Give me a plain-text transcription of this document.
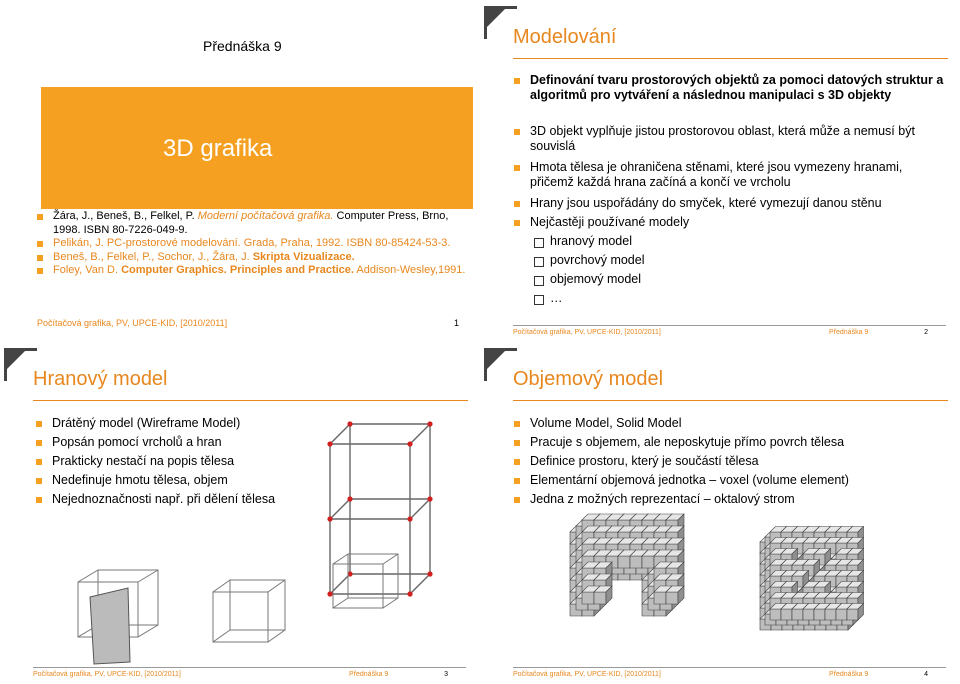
Přednáška 9
3D grafika
Žára, J., Beneš, B., Felkel, P. Moderní počítačová grafika. Computer Press, Brno, 1998. ISBN 80-7226-049-9.
Pelikán, J. PC-prostorové modelování. Grada, Praha, 1992. ISBN 80-85424-53-3.
Beneš, B., Felkel, P., Sochor, J., Žára, J. Skripta Vizualizace.
Foley, Van D. Computer Graphics. Principles and Practice. Addison-Wesley,1991.
Počítačová grafika, PV, UPCE-KID, [2010/2011]	1
Modelování
Definování tvaru prostorových objektů za pomoci datových struktur a algoritmů pro vytváření a následnou manipulaci s 3D objekty
3D objekt vyplňuje jistou prostorovou oblast, která může a nemusí být souvislá
Hmota tělesa je ohraničena stěnami, které jsou vymezeny hranami, přičemž každá hrana začíná a končí ve vrcholu
Hrany jsou uspořádány do smyček, které vymezují danou stěnu
Nejčastěji používané modely
hranový model
povrchový model
objemový model
…
Počítačová grafika, PV, UPCE-KID, [2010/2011]	Přednáška 9	2
Hranový model
Drátěný model (Wireframe Model)
Popsán pomocí vrcholů a hran
Prakticky nestačí na popis tělesa
Nedefinuje hmotu tělesa, objem
Nejednoznačnosti např. při dělení tělesa
Počítačová grafika, PV, UPCE-KID, [2010/2011]	Přednáška 9	3
Objemový model
Volume Model, Solid Model
Pracuje s objemem, ale neposkytuje přímo povrch tělesa
Definice prostoru, který je součástí tělesa
Elementární objemová jednotka – voxel (volume element)
Jedna z možných reprezentací – oktalový strom
Počítačová grafika, PV, UPCE-KID, [2010/2011]	Přednáška 9	4
